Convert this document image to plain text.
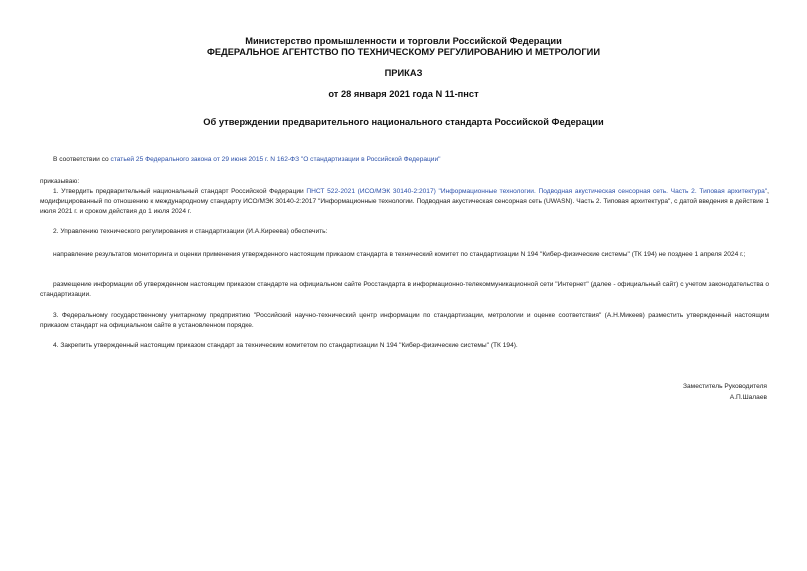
Министерство промышленности и торговли Российской Федерации
ФЕДЕРАЛЬНОЕ АГЕНТСТВО ПО ТЕХНИЧЕСКОМУ РЕГУЛИРОВАНИЮ И МЕТРОЛОГИИ
ПРИКАЗ
от 28 января 2021 года N 11-пнст
Об утверждении предварительного национального стандарта Российской Федерации
В соответствии со статьей 25 Федерального закона от 29 июня 2015 г. N 162-ФЗ "О стандартизации в Российской Федерации"
приказываю:
1. Утвердить предварительный национальный стандарт Российской Федерации ПНСТ 522-2021 (ИСО/МЭК 30140-2:2017) "Информационные технологии. Подводная акустическая сенсорная сеть. Часть 2. Типовая архитектура", модифицированный по отношению к международному стандарту ИСО/МЭК 30140-2:2017 "Информационные технологии. Подводная акустическая сенсорная сеть (UWASN). Часть 2. Типовая архитектура", с датой введения в действие 1 июля 2021 г. и сроком действия до 1 июля 2024 г.
2. Управлению технического регулирования и стандартизации (И.А.Киреева) обеспечить:
направление результатов мониторинга и оценки применения утвержденного настоящим приказом стандарта в технический комитет по стандартизации N 194 "Кибер-физические системы" (ТК 194) не позднее 1 апреля 2024 г.;
размещение информации об утвержденном настоящим приказом стандарте на официальном сайте Росстандарта в информационно-телекоммуникационной сети "Интернет" (далее - официальный сайт) с учетом законодательства о стандартизации.
3. Федеральному государственному унитарному предприятию "Российский научно-технический центр информации по стандартизации, метрологии и оценке соответствия" (А.Н.Микеев) разместить утвержденный настоящим приказом стандарт на официальном сайте в установленном порядке.
4. Закрепить утвержденный настоящим приказом стандарт за техническим комитетом по стандартизации N 194 "Кибер-физические системы" (ТК 194).
Заместитель Руководителя
А.П.Шалаев
